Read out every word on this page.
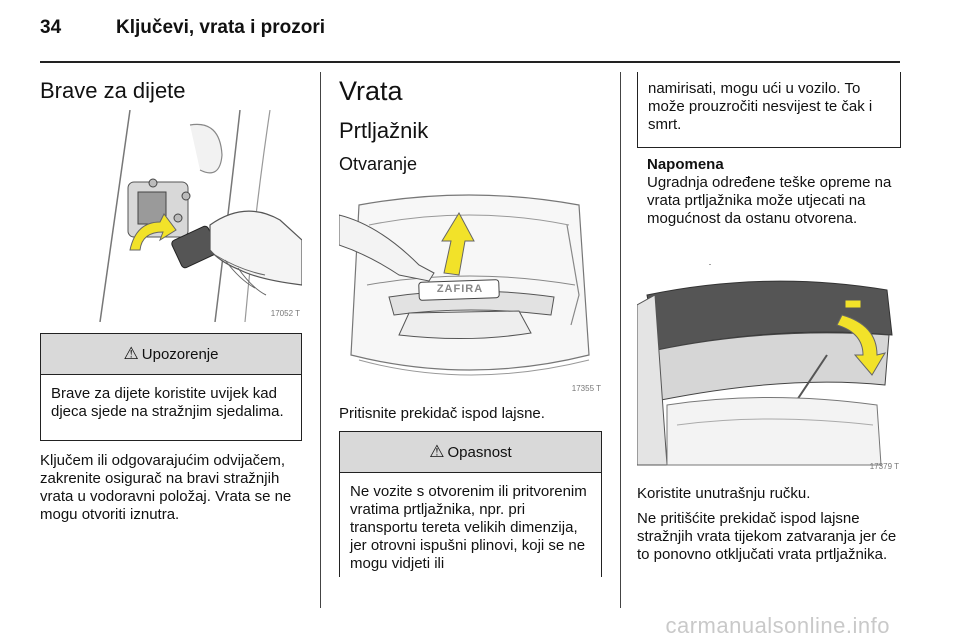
34	Ključevi, vrata i prozori
Brave za dijete
17052 T
⚠ Upozorenje
Brave za dijete koristite uvijek kad djeca sjede na stražnjim sjedalima.
Ključem ili odgovarajućim odvijačem, zakrenite osigurač na bravi stražnjih vrata u vodoravni položaj. Vrata se ne mogu otvoriti iznutra.
Vrata
Prtljažnik
Otvaranje
ZAFIRA
17355 T
Pritisnite prekidač ispod lajsne.
⚠ Opasnost
Ne vozite s otvorenim ili pritvorenim vratima prtljažnika, npr. pri transportu tereta velikih dimenzija, jer otrovni ispušni plinovi, koji se ne mogu vidjeti ili
namirisati, mogu ući u vozilo. To može prouzročiti nesvijest te čak i smrt.
Napomena
Ugradnja određene teške opreme na vrata prtljažnika može utjecati na mogućnost da ostanu otvorena.
17379 T
Koristite unutrašnju ručku.
Ne pritišćite prekidač ispod lajsne stražnjih vrata tijekom zatvaranja jer će to ponovno otključati vrata prtljažnika.
carmanualsonline.info
